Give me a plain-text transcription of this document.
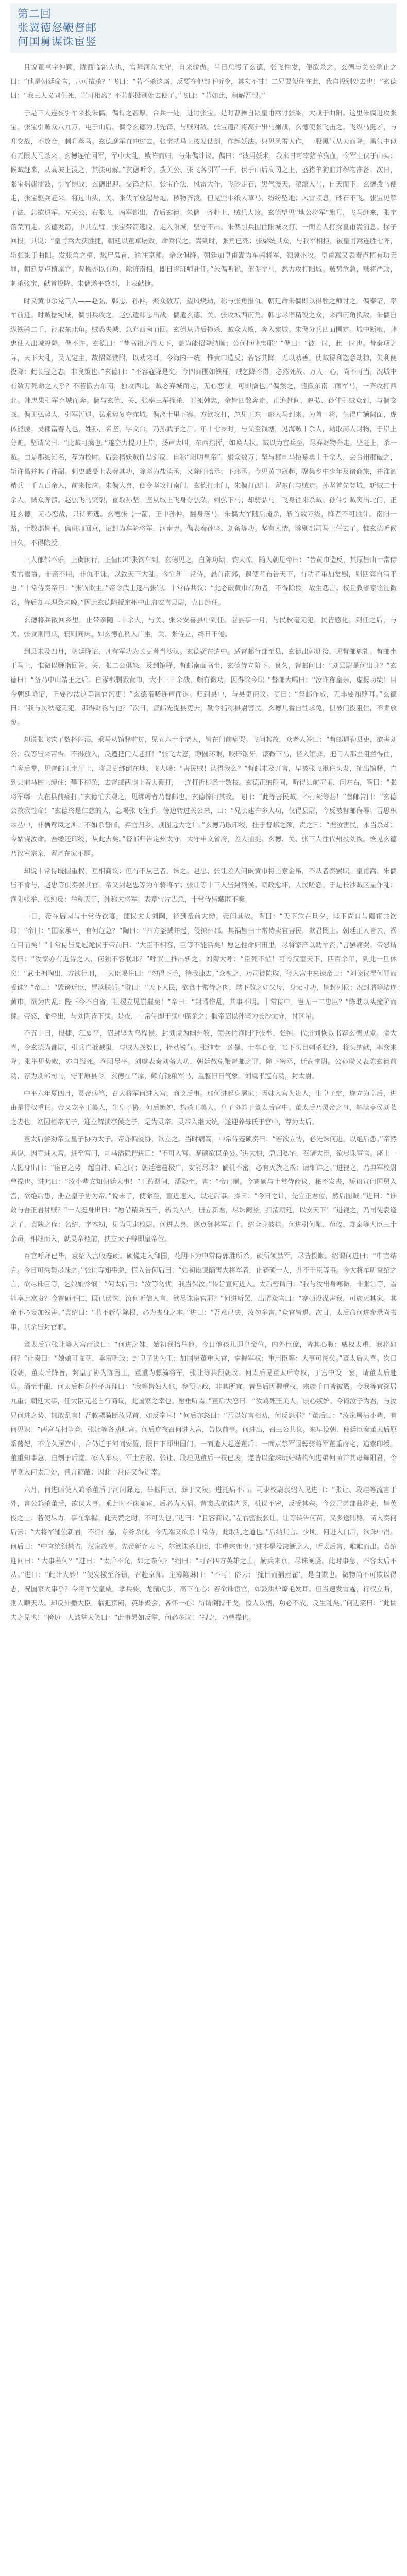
第二回
张翼德怒鞭督邮
何国舅谋诛宦竖

且说董卓字仲颖，陇西临洮人也，官拜河东太守，自来骄傲。当日怠慢了玄德，张飞性发，便欲杀之。玄德与关公急止之曰：“他是朝廷命官，岂可擅杀？”飞曰：“若不杀这厮，反要在他部下听令，其实不甘！二兄要便住在此，我自投别处去也！”玄德曰：“我三人义同生死，岂可相离？不若都投别处去便了。”飞曰：“若如此，稍解吾恨。”

于是三人连夜引军来投朱儁。儁待之甚厚，合兵一处，进讨张宝。是时曹操自跟皇甫嵩讨张梁，大战于曲阳。这里朱儁进攻张宝。张宝引贼众八九万，屯于山后。儁令玄德为其先锋，与贼对敌。张宝遣副将高升出马搦战，玄德使张飞击之。飞纵马挺矛，与升交战，不数合，刺升落马。玄德麾军直冲过去。张宝就马上披发仗剑，作起妖法。只见风雷大作，一股黑气从天而降，黑气中似有无限人马杀来。玄德连忙回军，军中大乱，败阵而归，与朱儁计议。儁曰：“彼用妖术，我来日可宰猪羊狗血，令军士伏于山头；候贼赶来，从高坡上泼之，其法可解。”玄德听令，拨关公、张飞各引军一千，伏于山后高冈之上，盛猪羊狗血并秽物准备。次日，张宝摇旗擂鼓，引军搦战，玄德出迎。交锋之际，张宝作法，风雷大作，飞砂走石，黑气漫天，滚滚人马，自天而下。玄德拨马便走，张宝驱兵赶来。将过山头，关、张伏军放起号炮，秽物齐泼。但见空中纸人草马，纷纷坠地；风雷顿息，砂石不飞。张宝见解了法，急欲退军。左关公，右张飞，两军都出，背后玄德、朱儁一齐赶上，贼兵大败。玄德望见“地公将军”旗号，飞马赶来，张宝落荒而走。玄德发箭，中其左臂。张宝带箭逃脱，走入阳城，坚守不出。朱儁引兵围住阳城攻打，一面差人打探皇甫嵩消息。探子回报，具说：“皇甫嵩大获胜捷，朝廷以董卓屡败，命嵩代之。嵩到时，张角已死；张梁统其众，与我军相拒，被皇甫嵩连胜七阵，斩张梁于曲阳。发张角之棺，戮尸枭首，送往京师。余众俱降。朝廷加皇甫嵩为车骑将军，领冀州牧。皇甫嵩又表奏卢植有功无罪，朝廷复卢植原官。曹操亦以有功，除济南相，即日将班师赴任。”朱儁听说，催促军马，悉力攻打阳城。贼势危急，贼将严政，刺杀张宝，献首投降。朱儁遂平数郡，上表献捷。

时又黄巾余党三人——赵弘、韩忠、孙仲，聚众数万，望风烧劫，称与张角报仇。朝廷命朱儁即以得胜之师讨之。儁奉诏，率军前进。时贼据宛城，儁引兵攻之，赵弘遣韩忠出战。儁遣玄德、关、张攻城西南角。韩忠尽率精锐之众，来西南角抵敌。朱儁自纵铁骑二千，径取东北角。贼恐失城，急弃西南而回。玄德从背后掩杀，贼众大败，奔入宛城。朱儁分兵四面围定。城中断粮，韩忠使人出城投降。儁不许。玄德曰：“昔高祖之得天下，盖为能招降纳顺；公何拒韩忠耶？”儁曰：“彼一时，此一时也。昔秦项之际，天下大乱，民无定主，故招降赏附，以劝来耳。今海内一统，惟黄巾造反；若容其降，无以劝善。使贼得利恣意劫掠，失利便投降：此长寇之志，非良策也。”玄德曰：“不容寇降是矣。今四面围如铁桶，贼乞降不得，必然死战。万人一心，尚不可当，况城中有数万死命之人乎？不若撤去东南，独攻西北。贼必弃城而走，无心恋战，可即擒也。”儁然之，随撤东南二面军马，一齐攻打西北。韩忠果引军弃城而奔。儁与玄德、关、张率三军掩杀，射死韩忠，余皆四散奔走。正追赶间，赵弘、孙仲引贼众到，与儁交战。儁见弘势大，引军暂退。弘乘势复夺宛城。儁离十里下寨。方欲攻打，忽见正东一彪人马到来。为首一将，生得广额阔面，虎体熊腰；吴郡富春人也，姓孙，名坚，字文台，乃孙武子之后。年十七岁时，与父至钱塘，见海贼十余人，劫取商人财物，于岸上分赃。坚谓父曰：“此贼可擒也。”遂奋力提刀上岸，扬声大叫，东西指挥，如唤人状。贼以为官兵至，尽弃财物奔走。坚赶上，杀一贼。由是郡县知名，荐为校尉。后会稽妖贼许昌造反，自称“阳明皇帝”，聚众数万；坚与郡司马招募勇士千余人，会合州郡破之，斩许昌并其子许韶。刺史臧旻上表奏其功，除坚为盐渎丞，又除盱眙丞、下邳丞。今见黄巾寇起，聚集乡中少年及诸商旅，并淮泗精兵一千五百余人，前来接应。朱儁大喜，便令坚攻打南门，玄德打北门，朱儁打西门，留东门与贼走。孙坚首先登城，斩贼二十余人，贼众奔溃。赵弘飞马突槊，直取孙坚。坚从城上飞身夺弘槊，刺弘下马；却骑弘马，飞身往来杀贼。孙仲引贼突出北门，正迎玄德，无心恋战，只待奔逃。玄德张弓一箭，正中孙仲，翻身落马。朱儁大军随后掩杀，斩首数万级，降者不可胜计。南阳一路，十数郡皆平。儁班师回京，诏封为车骑将军，河南尹。儁表奏孙坚、刘备等功。坚有人情，除别郡司马上任去了。惟玄德听候日久，不得除授。

三人郁郁不乐，上街闲行，正值郎中张钧车到。玄德见之，自陈功绩。钧大惊，随入朝见帝曰：“昔黄巾造反，其原皆由十常侍卖官鬻爵，非亲不用，非仇不诛，以致天下大乱。今宜斩十常侍，悬首南郊，遣使者布告天下，有功者重加赏赐，则四海自清平也。”十常侍奏帝曰：“张钧欺主。”帝令武士逐出张钧。十常侍共议：“此必破黄巾有功者，不得除授，故生怨言。权且教省家铨注微名，待后却再理会未晚。”因此玄德除授定州中山府安喜县尉，克日赴任。

玄德将兵散回乡里，止带亲随二十余人，与关、张来安喜县中到任。署县事一月，与民秋毫无犯，民皆感化。到任之后，与关、张食则同桌，寝则同床。如玄德在稠人广坐，关、张侍立，终日不倦。

到县未及四月，朝廷降诏，凡有军功为长吏者当沙汰。玄德疑在遣中。适督邮行部至县，玄德出郭迎接，见督邮施礼。督邮坐于马上，惟微以鞭指回答。关、张二公俱怒。及到馆驿，督邮南面高坐，玄德侍立阶下。良久，督邮问曰：“刘县尉是何出身？”玄德曰：“备乃中山靖王之后；自涿郡剿戮黄巾，大小三十余战，颇有微功，因得除今职。”督邮大喝曰：“汝诈称皇亲，虚报功绩！目今朝廷降诏，正要沙汰这等滥官污吏！”玄德喏喏连声而退。归到县中，与县吏商议。吏曰：“督邮作威，无非要贿赂耳。”玄德曰：“我与民秋毫无犯，那得财物与他？”次日，督邮先提县吏去，勒令指称县尉害民。玄德几番自往求免，俱被门役阻住，不肯放参。

却说张飞饮了数杯闷酒，乘马从馆驿前过，见五六十个老人，皆在门前痛哭。飞问其故，众老人答曰：“督邮逼勒县吏，欲害刘公；我等皆来苦告，不得放入，反遭把门人赶打！”张飞大怒，睁圆环眼，咬碎钢牙，滚鞍下马，径入馆驿，把门人那里阻挡得住，直奔后堂，见督邮正坐厅上，将县吏绑倒在地。飞大喝：“害民贼！认得我么？”督邮未及开言，早被张飞揪住头发，扯出馆驿，直到县前马桩上缚住；攀下柳条，去督邮两腿上着力鞭打，一连打折柳条十数枝。玄德正纳闷间，听得县前喧闹，问左右，答曰：“张将军绑一人在县前痛打。”玄德忙去观之，见绑缚者乃督邮也。玄德惊问其故。飞曰：“此等害民贼，不打死等甚！”督邮告曰：“玄德公救我性命！”玄德终是仁慈的人，急喝张飞住手。傍边转过关公来，曰：“兄长建许多大功，仅得县尉，今反被督邮侮辱。吾思枳棘丛中，非栖鸾凤之所；不如杀督邮，弃官归乡，别图远大之计。”玄德乃取印绶，挂于督邮之颈，责之曰：“据汝害民，本当杀却；今姑饶汝命。吾缴还印绶，从此去矣。”督邮归告定州太守，太守申文省府，差人捕捉。玄德、关、张三人往代州投刘恢。恢见玄德乃汉室宗亲，留匿在家不题。

却说十常侍既握重权，互相商议：但有不从己者，诛之。赵忠、张让差人问破黄巾将士索金帛，不从者奏罢职。皇甫嵩、朱儁皆不肯与，赵忠等俱奏罢其官。帝又封赵忠等为车骑将军；张让等十三人皆封列侯。朝政愈坏，人民嗟怨。于是长沙贼区星作乱；渔阳张举、张纯反：举称天子，纯称大将军。表章雪片告急，十常侍皆藏匿不奏。

一日，帝在后园与十常侍饮宴，谏议大夫刘陶，径到帝前大恸。帝问其故。陶曰：“天下危在旦夕，陛下尚自与阉宦共饮耶！”帝曰：“国家承平，有何危急？”陶曰：“四方盗贼并起，侵掠州郡。其祸皆由十常侍卖官害民，欺君罔上。朝廷正人皆去，祸在目前矣！”十常侍皆免冠跪伏于帝前曰：“大臣不相容，臣等不能活矣！愿乞性命归田里，尽将家产以助军资。”言罢痛哭。帝怒谓陶曰：“汝家亦有近侍之人，何独不容朕耶？”呼武士推出斩之。刘陶大呼：“臣死不惜！可怜汉室天下，四百余年，到此一旦休矣！”武士拥陶出，方欲行刑，一大臣喝住曰：“勿得下手，待我谏去。”众视之，乃司徒陈耽，径入宫中来谏帝曰：“刘谏议得何罪而受诛？”帝曰：“毁谤近臣，冒渎朕躬。”耽曰：“天下人民，欲食十常侍之肉，陛下敬之如父母，身无寸功，皆封列侯；况封谞等结连黄巾，欲为内乱：陛下今不自省，社稷立见崩摧矣！”帝曰：“封谞作乱，其事不明。十常侍中，岂无一二忠臣？”陈耽以头撞阶而谏。帝怒，命牵出，与刘陶皆下狱。是夜，十常侍即于狱中谋杀之；假帝诏以孙坚为长沙太守，讨区星。

不五十日，报捷，江夏平，诏封坚为乌程侯。封刘虞为幽州牧，领兵往渔阳征张举、张纯。代州刘恢以书荐玄德见虞。虞大喜，令玄德为都尉，引兵直抵贼巢，与贼大战数日，挫动锐气。张纯专一凶暴，士卒心变，帐下头目刺杀张纯，将头纳献，率众来降。张举见势败，亦自缢死。渔阳尽平。刘虞表奏刘备大功，朝廷赦免鞭督邮之罪，除下密丞，迁高堂尉。公孙瓒又表陈玄德前功，荐为别部司马，守平原县令。玄德在平原，颇有钱粮军马，重整旧日气象。刘虞平寇有功，封太尉。

中平六年夏四月，灵帝病笃，召大将军何进入宫，商议后事。那何进起身屠家；因妹入宫为贵人，生皇子辩，遂立为皇后，进由是得权重任。帝又宠幸王美人，生皇子协。何后嫉妒，鸩杀王美人。皇子协养于董太后宫中。董太后乃灵帝之母，解渎亭侯刘苌之妻也。初因桓帝无子，迎立解渎亭侯之子，是为灵帝。灵帝入继大统，遂迎养母氏于宫中，尊为太后。

董太后尝劝帝立皇子协为太子。帝亦偏爱协，欲立之。当时病笃，中常侍蹇硕奏曰：“若欲立协，必先诛何进，以绝后患。”帝然其说，因宣进入宫。进至宫门，司马潘隐谓进曰：“不可入宫。蹇硕欲谋杀公。”进大惊，急归私宅，召诸大臣，欲尽诛宦官。座上一人挺身出曰：“宦官之势，起自冲、质之时；朝廷滋蔓极广，安能尽诛？倘机不密，必有灭族之祸：请细详之。”进视之，乃典军校尉曹操也。进叱曰：“汝小辈安知朝廷大事！”正踌躇间，潘隐至，言：“帝已崩。今蹇硕与十常侍商议，秘不发丧，矫诏宣何国舅入宫，欲绝后患，册立皇子协为帝。”说未了，使命至，宣进速入，以定后事。操曰：“今日之计，先宜正君位，然后图贼。”进曰：“谁敢与吾正君讨贼？”一人挺身出曰：“愿借精兵五千，斩关入内，册立新君，尽诛阉竖，扫清朝廷，以安天下！”进视之，乃司徒袁逢之子，袁隗之侄：名绍，字本初，见为司隶校尉。何进大喜，遂点御林军五千。绍全身披挂。何进引何颙、荀攸、郑泰等大臣三十余员，相继而入，就灵帝柩前，扶立太子辩即皇帝位。

百官呼拜已毕，袁绍入宫收蹇硕。硕慌走入御园，花阴下为中常侍郭胜所杀。硕所领禁军，尽皆投顺。绍谓何进曰：“中官结党。今日可乘势尽诛之。”张让等知事急，慌入告何后曰：“始初设谋陷害大将军者，止蹇硕一人，并不干臣等事。今大将军听袁绍之言，欲尽诛臣等，乞娘娘怜悯！”何太后曰：“汝等勿忧，我当保汝。”传旨宣何进入。太后密谓曰：“我与汝出身寒微，非张让等，焉能享此富贵？今蹇硕不仁，既已伏诛，汝何听信人言，欲尽诛宦官耶？”何进听罢，出谓众官曰：“蹇硕设谋害我，可族灭其家。其余不必妄加残害。”袁绍曰：“若不斩草除根，必为丧身之本。”进曰：“吾意已决，汝勿多言。”众官皆退。次日，太后命何进参录尚书事，其余皆封官职。

董太后宣张让等入宫商议曰：“何进之妹，始初我抬举他。今日他孩儿即皇帝位，内外臣僚，皆其心腹：威权太重，我将如何？”让奏曰：“娘娘可临朝，垂帘听政；封皇子协为王；加国舅董重大官，掌握军权；重用臣等：大事可图矣。”董太后大喜。次日设朝，董太后降旨，封皇子协为陈留王，董重为骠骑将军，张让等共预朝政。何太后见董太后专权，于宫中设一宴，请董太后赴席。酒至半酣，何太后起身捧杯再拜曰：“我等皆妇人也，参预朝政，非其所宜。昔吕后因握重权，宗族千口皆被戮。今我等宜深居九重；朝廷大事，任大臣元老自行商议，此国家之幸也。愿垂听焉。”董后大怒曰：“汝鸩死王美人，设心嫉妒。今倚汝子为君，与汝兄何进之势，辄敢乱言！吾敕骠骑断汝兄首，如反掌耳！”何后亦怒曰：“吾以好言相劝，何反怒耶？”董后曰：“汝家屠沽小辈，有何见识！”两宫互相争竞，张让等各劝归宫。何后连夜召何进入宫，告以前事。何进出，召三公共议。来早设朝，使廷臣奏董太后原系藩妃，不宜久居宫中，合仍迁于河间安置，限日下即出国门。一面遣人起送董后；一面点禁军围骠骑将军董重府宅，追索印绶。董重知事急，自刎于后堂。家人举哀，军士方散。张让、段珪见董后一枝已废，遂皆以金珠玩好结构何进弟何苗并其母舞阳君，令早晚入何太后处，善言遮蔽：因此十常侍又得近幸。

六月，何进暗使人鸩杀董后于河间驿庭，举柩回京，葬于文陵。进托病不出。司隶校尉袁绍入见进曰：“张让、段珪等流言于外，言公鸩杀董后，欲谋大事。乘此时不诛阉宦，后必为大祸。昔窦武欲诛内竖，机谋不密，反受其殃。今公兄弟部曲将吏，皆英俊之士；若使尽力，事在掌握。此天赞之时，不可失也。”进曰：“且容商议。”左右密报张让，让等转告何苗，又多送贿赂。苗入奏何后云：“大将军辅佐新君，不行仁慈，专务杀伐。今无端又欲杀十常侍，此取乱之道也。”后纳其言。少顷，何进入白后，欲诛中涓。何后曰：“中官统领禁省，汉家故事。先帝新弃天下，尔欲诛杀旧臣，非重宗庙也。”进本是没决断之人，听太后言，唯唯而出。袁绍迎问曰：“大事若何？”进曰：“太后不允，如之奈何？”绍曰：“可召四方英雄之士，勒兵来京，尽诛阉竖。此时事急，不容太后不从。”进曰：“此计大妙！”便发檄至各镇，召赴京师。主簿陈琳曰：“不可！俗云：‘掩目而捕燕雀’，是自欺也。微物尚不可欺以得志，况国家大事乎？今将军仗皇威，掌兵要，龙骧虎步，高下在心：若欲诛宦官，如鼓洪炉燎毛发耳。但当速发雷霆，行权立断，则人顺天从。却反外檄大臣，临犯京阙，英雄聚会，各怀一心：所谓倒持干戈，授人以柄，功必不成，反生乱矣。”何进笑曰：“此懦夫之见也！”傍边一人鼓掌大笑曰：“此事易如反掌，何必多议！”视之，乃曹操也。
